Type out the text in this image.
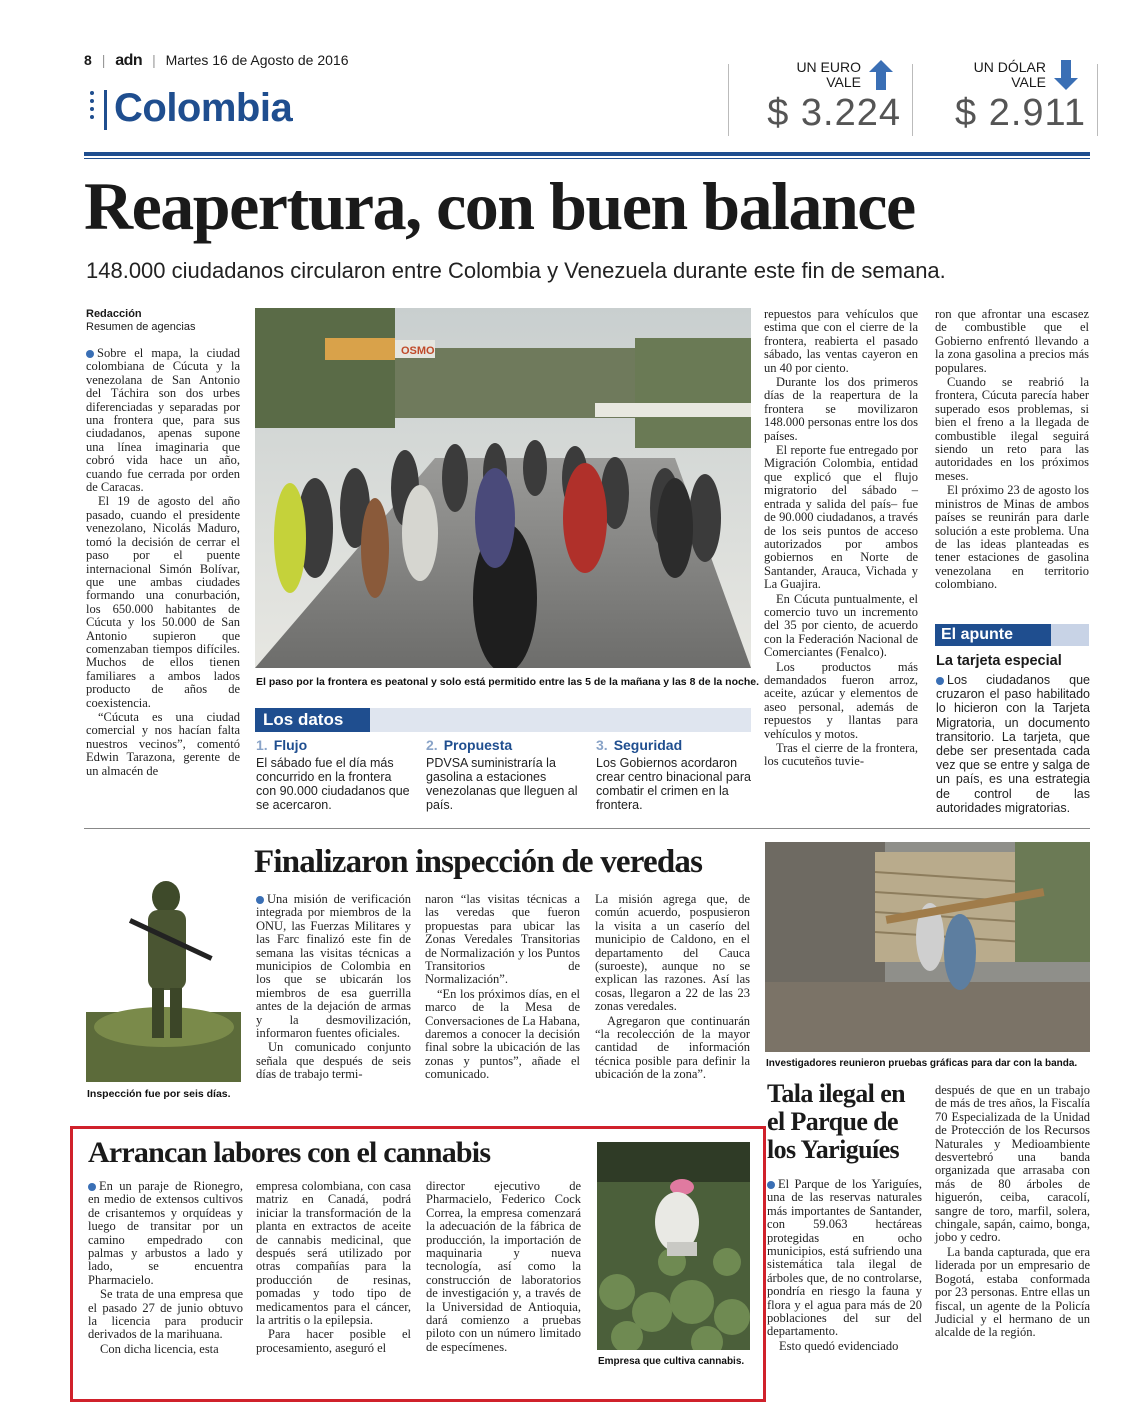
8 | adn | Martes 16 de Agosto de 2016
Colombia
UN EURO
VALE
$ 3.224
UN DÓLAR
VALE
$ 2.911
Reapertura, con buen balance
148.000 ciudadanos circularon entre Colombia y Venezuela durante este fin de semana.
Redacción
Resumen de agencias

Sobre el mapa, la ciudad colombiana de Cúcuta y la venezolana de San Antonio del Táchira son dos urbes diferenciadas y separadas por una frontera que, para sus ciudadanos, apenas supone una línea imaginaria que cobró vida hace un año, cuando fue cerrada por orden de Caracas.

El 19 de agosto del año pasado, cuando el presidente venezolano, Nicolás Maduro, tomó la decisión de cerrar el paso por el puente internacional Simón Bolívar, que une ambas ciudades formando una conurbación, los 650.000 habitantes de Cúcuta y los 50.000 de San Antonio supieron que comenzaban tiempos difíciles. Muchos de ellos tienen familiares a ambos lados producto de años de coexistencia.

“Cúcuta es una ciudad comercial y nos hacían falta nuestros vecinos”, comentó Edwin Tarazona, gerente de un almacén de

OSMO
El paso por la frontera es peatonal y solo está permitido entre las 5 de la mañana y las 8 de la noche.

repuestos para vehículos que estima que con el cierre de la frontera, reabierta el pasado sábado, las ventas cayeron en un 40 por ciento.

Durante los dos primeros días de la reapertura de la frontera se movilizaron 148.000 personas entre los dos países.

El reporte fue entregado por Migración Colombia, entidad que explicó que el flujo migratorio del sábado –entrada y salida del país– fue de 90.000 ciudadanos, a través de los seis puntos de acceso autorizados por ambos gobiernos en Norte de Santander, Arauca, Vichada y La Guajira.

En Cúcuta puntualmente, el comercio tuvo un incremento del 35 por ciento, de acuerdo con la Federación Nacional de Comerciantes (Fenalco).

Los productos más demandados fueron arroz, aceite, azúcar y elementos de aseo personal, además de repuestos y llantas para vehículos y motos.

Tras el cierre de la frontera, los cucuteños tuvie-

ron que afrontar una escasez de combustible que el Gobierno enfrentó llevando a la zona gasolina a precios más populares.

Cuando se reabrió la frontera, Cúcuta parecía haber superado esos problemas, si bien el freno a la llegada de combustible ilegal seguirá siendo un reto para las autoridades en los próximos meses.

El próximo 23 de agosto los ministros de Minas de ambos países se reunirán para darle solución a este problema. Una de las ideas planteadas es tener estaciones de gasolina venezolana en territorio colombiano.

El apunte
La tarjeta especial
Los ciudadanos que cruzaron el paso habilitado lo hicieron con la Tarjeta Migratoria, un documento transitorio. La tarjeta, que debe ser presentada cada vez que se entre y salga de un país, es una estrategia de control de las autoridades migratorias.
Los datos
1. Flujo
El sábado fue el día más concurrido en la frontera con 90.000 ciudadanos que se acercaron.
2. Propuesta
PDVSA suministraría la gasolina a estaciones venezolanas que lleguen al país.
3. Seguridad
Los Gobiernos acordaron crear centro binacional para combatir el crimen en la frontera.
Inspección fue por seis días.
Finalizaron inspección de veredas

Una misión de verificación integrada por miembros de la ONU, las Fuerzas Militares y las Farc finalizó este fin de semana las visitas técnicas a municipios de Colombia en los que se ubicarán los miembros de esa guerrilla antes de la dejación de armas y la desmovilización, informaron fuentes oficiales.

Un comunicado conjunto señala que después de seis días de trabajo termi-

naron “las visitas técnicas a las veredas que fueron propuestas para ubicar las Zonas Veredales Transitorias de Normalización y los Puntos Transitorios de Normalización”.

“En los próximos días, en el marco de la Mesa de Conversaciones de La Habana, daremos a conocer la decisión final sobre la ubicación de las zonas y puntos”, añade el comunicado.

La misión agrega que, de común acuerdo, pospusieron la visita a un caserío del municipio de Caldono, en el departamento del Cauca (suroeste), aunque no se explican las razones. Así las cosas, llegaron a 22 de las 23 zonas veredales.

Agregaron que continuarán “la recolección de la mayor cantidad de información técnica posible para definir la ubicación de la zona”.

Investigadores reunieron pruebas gráficas para dar con la banda.
Tala ilegal en el Parque de los Yariguíes

El Parque de los Yariguíes, una de las reservas naturales más importantes de Santander, con 59.063 hectáreas protegidas en ocho municipios, está sufriendo una sistemática tala ilegal de árboles que, de no controlarse, pondría en riesgo la fauna y flora y el agua para más de 20 poblaciones del sur del departamento.

Esto quedó evidenciado

después de que en un trabajo de más de tres años, la Fiscalía 70 Especializada de la Unidad de Protección de los Recursos Naturales y Medioambiente desvertebró una banda organizada que arrasaba con más de 80 árboles de higuerón, ceiba, caracolí, sangre de toro, marfil, solera, chingale, sapán, caimo, bonga, jobo y cedro.

La banda capturada, que era liderada por un empresario de Bogotá, estaba conformada por 23 personas. Entre ellas un fiscal, un agente de la Policía Judicial y el hermano de un alcalde de la región.

Arrancan labores con el cannabis

En un paraje de Rionegro, en medio de extensos cultivos de crisantemos y orquídeas y luego de transitar por un camino empedrado con palmas y arbustos a lado y lado, se encuentra Pharmacielo.

Se trata de una empresa que el pasado 27 de junio obtuvo la licencia para producir derivados de la marihuana.

Con dicha licencia, esta

empresa colombiana, con casa matriz en Canadá, podrá iniciar la transformación de la planta en extractos de aceite de cannabis medicinal, que después será utilizado por otras compañías para la producción de resinas, pomadas y todo tipo de medicamentos para el cáncer, la artritis o la epilepsia.

Para hacer posible el procesamiento, aseguró el

director ejecutivo de Pharmacielo, Federico Cock Correa, la empresa comenzará la adecuación de la fábrica de producción, la importación de maquinaria y nueva tecnología, así como la construcción de laboratorios de investigación y, a través de la Universidad de Antioquia, dará comienzo a pruebas piloto con un número limitado de especímenes.

Empresa que cultiva cannabis.
